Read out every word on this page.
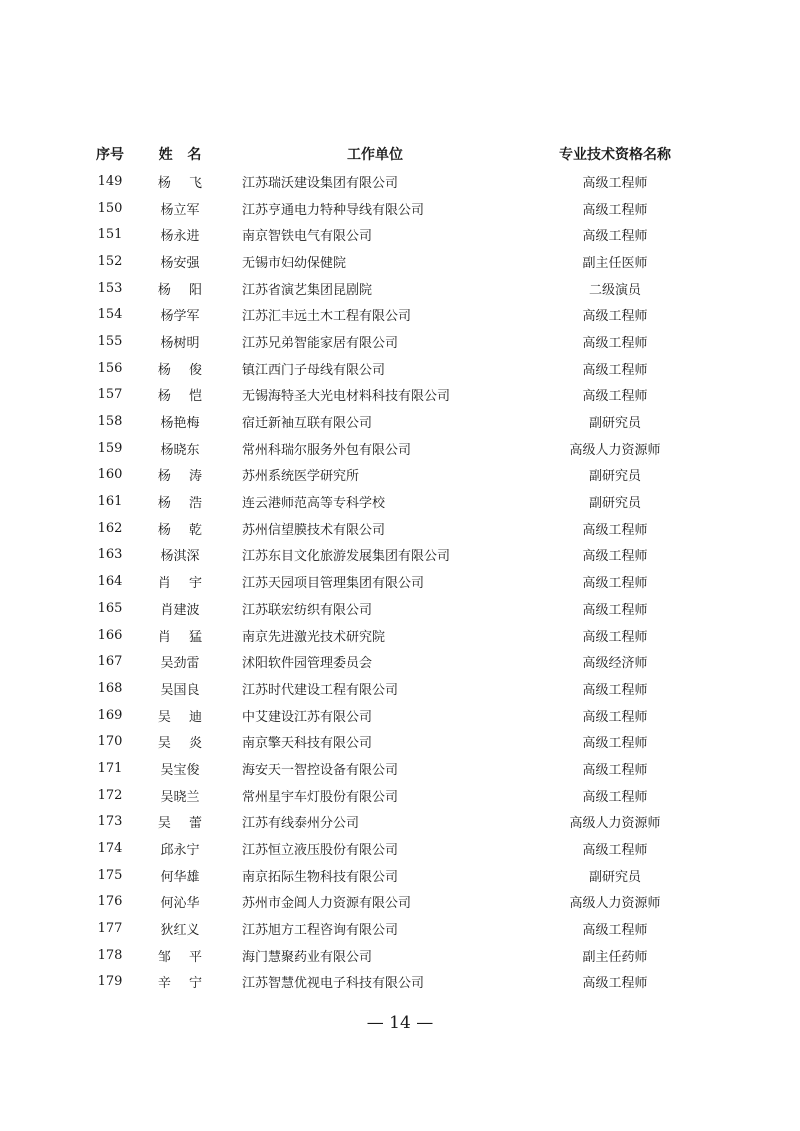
序号	姓 名	工作单位	专业技术资格名称
149	杨 飞	江苏瑞沃建设集团有限公司	高级工程师
150	杨立军	江苏亨通电力特种导线有限公司	高级工程师
151	杨永进	南京智铁电气有限公司	高级工程师
152	杨安强	无锡市妇幼保健院	副主任医师
153	杨 阳	江苏省演艺集团昆剧院	二级演员
154	杨学军	江苏汇丰远土木工程有限公司	高级工程师
155	杨树明	江苏兄弟智能家居有限公司	高级工程师
156	杨 俊	镇江西门子母线有限公司	高级工程师
157	杨 恺	无锡海特圣大光电材料科技有限公司	高级工程师
158	杨艳梅	宿迁新袖互联有限公司	副研究员
159	杨晓东	常州科瑞尔服务外包有限公司	高级人力资源师
160	杨 涛	苏州系统医学研究所	副研究员
161	杨 浩	连云港师范高等专科学校	副研究员
162	杨 乾	苏州信望膜技术有限公司	高级工程师
163	杨淇深	江苏东目文化旅游发展集团有限公司	高级工程师
164	肖 宇	江苏天园项目管理集团有限公司	高级工程师
165	肖建波	江苏联宏纺织有限公司	高级工程师
166	肖 猛	南京先进激光技术研究院	高级工程师
167	吴劲雷	沭阳软件园管理委员会	高级经济师
168	吴国良	江苏时代建设工程有限公司	高级工程师
169	吴 迪	中艾建设江苏有限公司	高级工程师
170	吴 炎	南京擎天科技有限公司	高级工程师
171	吴宝俊	海安天一智控设备有限公司	高级工程师
172	吴晓兰	常州星宇车灯股份有限公司	高级工程师
173	吴 蕾	江苏有线泰州分公司	高级人力资源师
174	邱永宁	江苏恒立液压股份有限公司	高级工程师
175	何华雄	南京拓际生物科技有限公司	副研究员
176	何沁华	苏州市金阊人力资源有限公司	高级人力资源师
177	狄红义	江苏旭方工程咨询有限公司	高级工程师
178	邹 平	海门慧聚药业有限公司	副主任药师
179	辛 宁	江苏智慧优视电子科技有限公司	高级工程师
— 14 —
